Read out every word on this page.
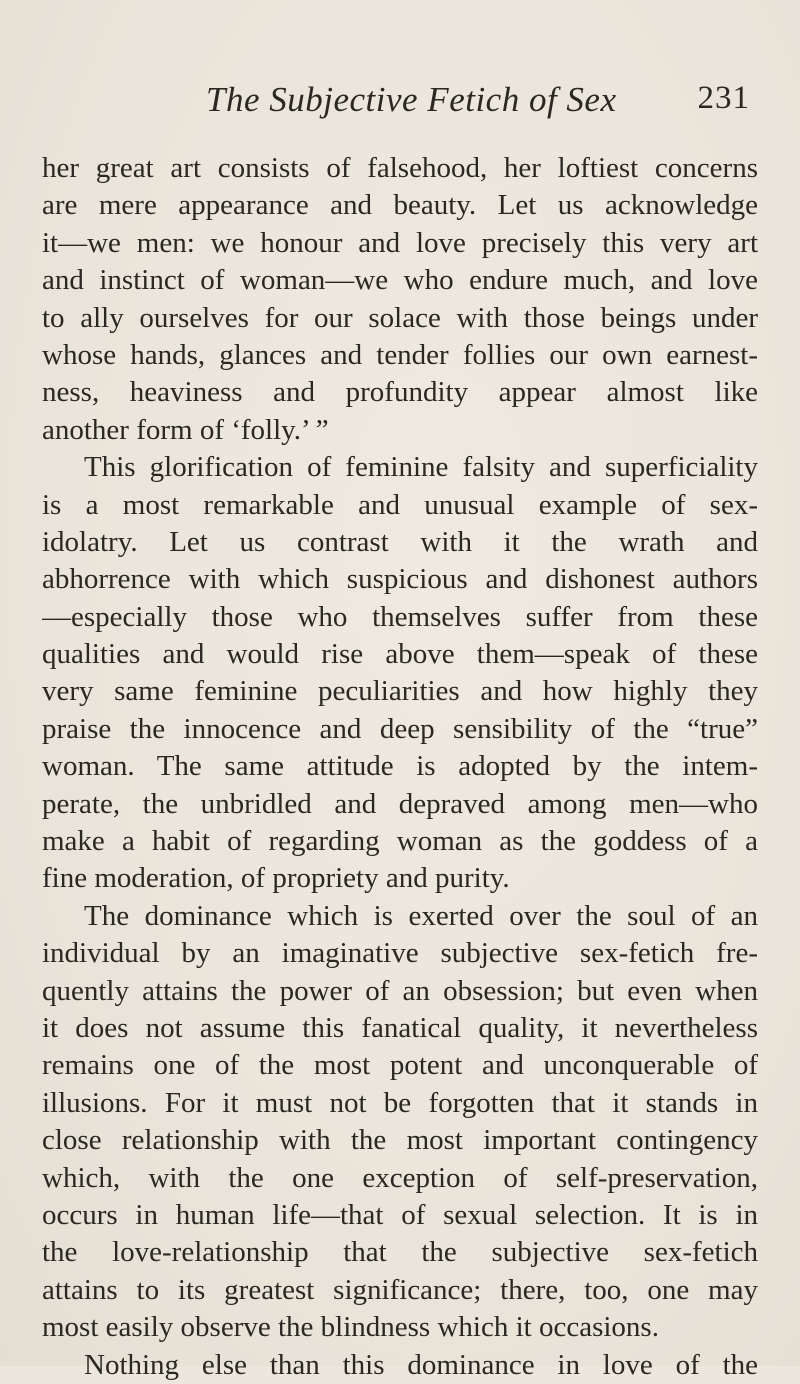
The Subjective Fetich of Sex 231
her great art consists of falsehood, her loftiest concerns
are mere appearance and beauty. Let us acknowledge
it—we men: we honour and love precisely this very art
and instinct of woman—we who endure much, and love
to ally ourselves for our solace with those beings under
whose hands, glances and tender follies our own earnest-
ness, heaviness and profundity appear almost like
another form of ‘folly.’ ”
This glorification of feminine falsity and superficiality
is a most remarkable and unusual example of sex-
idolatry. Let us contrast with it the wrath and
abhorrence with which suspicious and dishonest authors
—especially those who themselves suffer from these
qualities and would rise above them—speak of these
very same feminine peculiarities and how highly they
praise the innocence and deep sensibility of the “true”
woman. The same attitude is adopted by the intem-
perate, the unbridled and depraved among men—who
make a habit of regarding woman as the goddess of a
fine moderation, of propriety and purity.
The dominance which is exerted over the soul of an
individual by an imaginative subjective sex-fetich fre-
quently attains the power of an obsession; but even when
it does not assume this fanatical quality, it nevertheless
remains one of the most potent and unconquerable of
illusions. For it must not be forgotten that it stands in
close relationship with the most important contingency
which, with the one exception of self-preservation,
occurs in human life—that of sexual selection. It is in
the love-relationship that the subjective sex-fetich
attains to its greatest significance; there, too, one may
most easily observe the blindness which it occasions.
Nothing else than this dominance in love of the
